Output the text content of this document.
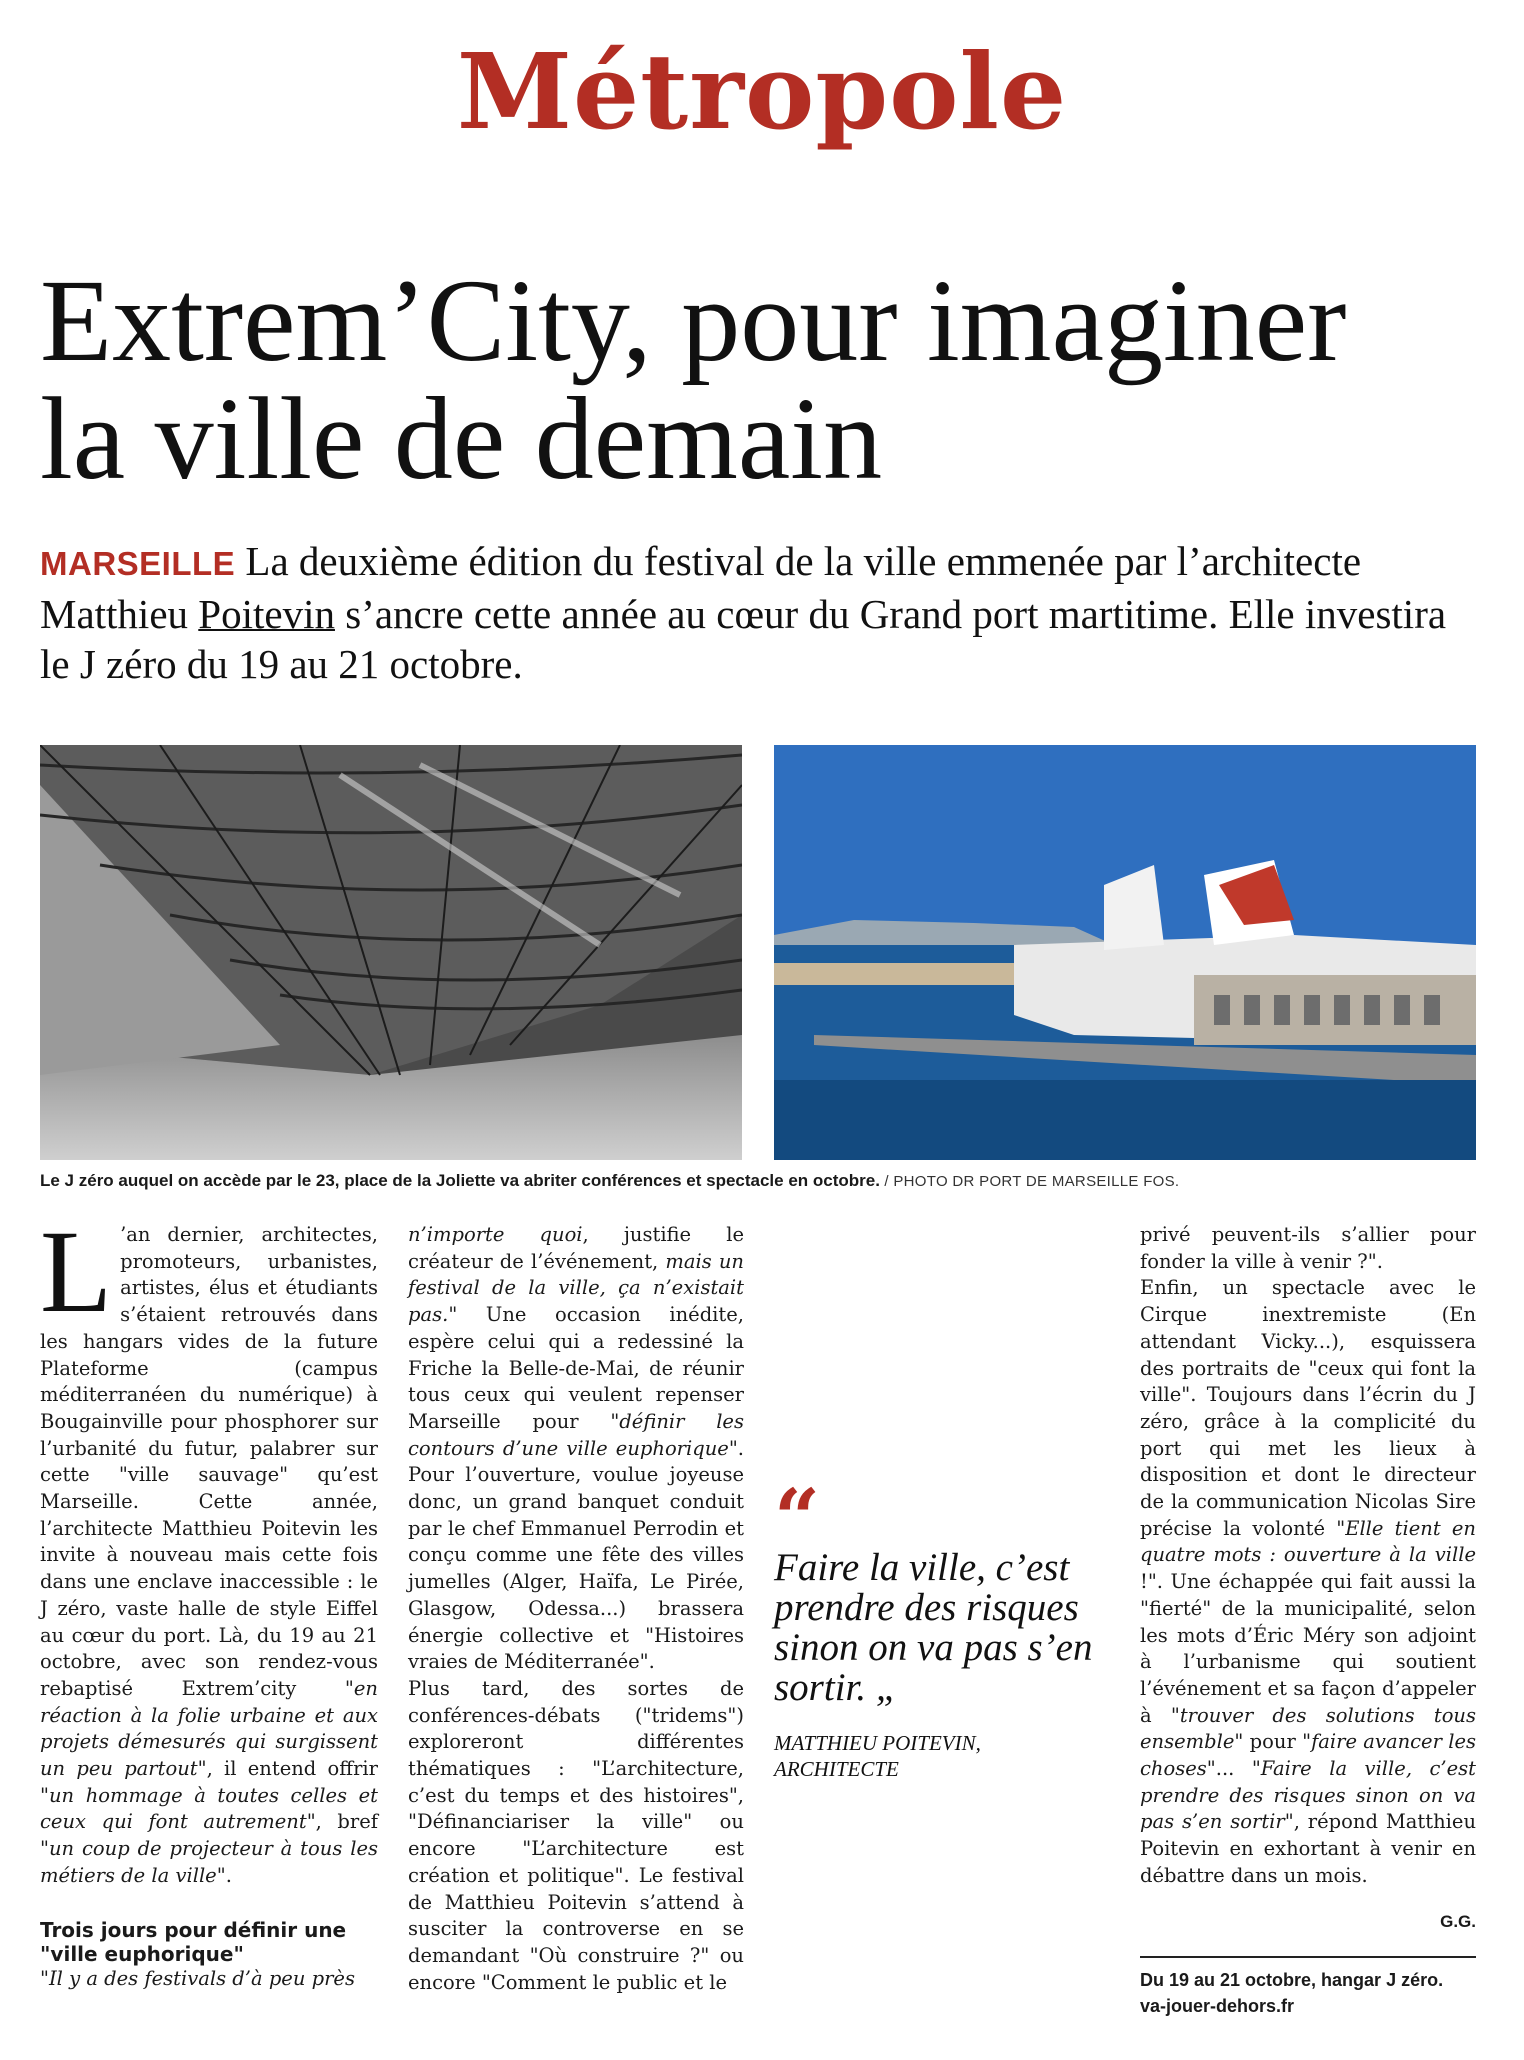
Métropole
Extrem’City, pour imaginer
la ville de demain
MARSEILLE La deuxième édition du festival de la ville emmenée par l’architecte Matthieu Poitevin s’ancre cette année au cœur du Grand port martitime. Elle investira le J zéro du 19 au 21 octobre.
Le J zéro auquel on accède par le 23, place de la Joliette va abriter conférences et spectacle en octobre. / PHOTO DR PORT DE MARSEILLE FOS.

L ’an dernier, architectes, promoteurs, urbanistes, artistes, élus et étudiants s’étaient retrouvés dans les hangars vides de la future Plateforme (campus méditerranéen du numérique) à Bougainville pour phosphorer sur l’urbanité du futur, palabrer sur cette "ville sauvage" qu’est Marseille. Cette année, l’architecte Matthieu Poitevin les invite à nouveau mais cette fois dans une enclave inaccessible : le J zéro, vaste halle de style Eiffel au cœur du port. Là, du 19 au 21 octobre, avec son rendez-vous rebaptisé Extrem’city "en réaction à la folie urbaine et aux projets démesurés qui surgissent un peu partout", il entend offrir "un hommage à toutes celles et ceux qui font autrement", bref "un coup de projecteur à tous les métiers de la ville".

Trois jours pour définir une "ville euphorique"

"Il y a des festivals d’à peu près

n’importe quoi, justifie le créateur de l’événement, mais un festival de la ville, ça n’existait pas." Une occasion inédite, espère celui qui a redessiné la Friche la Belle-de-Mai, de réunir tous ceux qui veulent repenser Marseille pour "définir les contours d’une ville euphorique". Pour l’ouverture, voulue joyeuse donc, un grand banquet conduit par le chef Emmanuel Perrodin et conçu comme une fête des villes jumelles (Alger, Haïfa, Le Pirée, Glasgow, Odessa...) brassera énergie collective et "Histoires vraies de Méditerranée".

Plus tard, des sortes de conférences-débats ("tridems") exploreront différentes thématiques : "L’architecture, c’est du temps et des histoires", "Définanciariser la ville" ou encore "L’architecture est création et politique". Le festival de Matthieu Poitevin s’attend à susciter la controverse en se demandant "Où construire ?" ou encore "Comment le public et le

“
Faire la ville, c’est prendre des risques sinon on va pas s’en sortir. „
MATTHIEU POITEVIN,
ARCHITECTE

privé peuvent-ils s’allier pour fonder la ville à venir ?".

Enfin, un spectacle avec le Cirque inextremiste (En attendant Vicky...), esquissera des portraits de "ceux qui font la ville". Toujours dans l’écrin du J zéro, grâce à la complicité du port qui met les lieux à disposition et dont le directeur de la communication Nicolas Sire précise la volonté "Elle tient en quatre mots : ouverture à la ville !". Une échappée qui fait aussi la "fierté" de la municipalité, selon les mots d’Éric Méry son adjoint à l’urbanisme qui soutient l’événement et sa façon d’appeler à "trouver des solutions tous ensemble" pour "faire avancer les choses"... "Faire la ville, c’est prendre des risques sinon on va pas s’en sortir", répond Matthieu Poitevin en exhortant à venir en débattre dans un mois.

G.G.
Du 19 au 21 octobre, hangar J zéro.
va-jouer-dehors.fr
